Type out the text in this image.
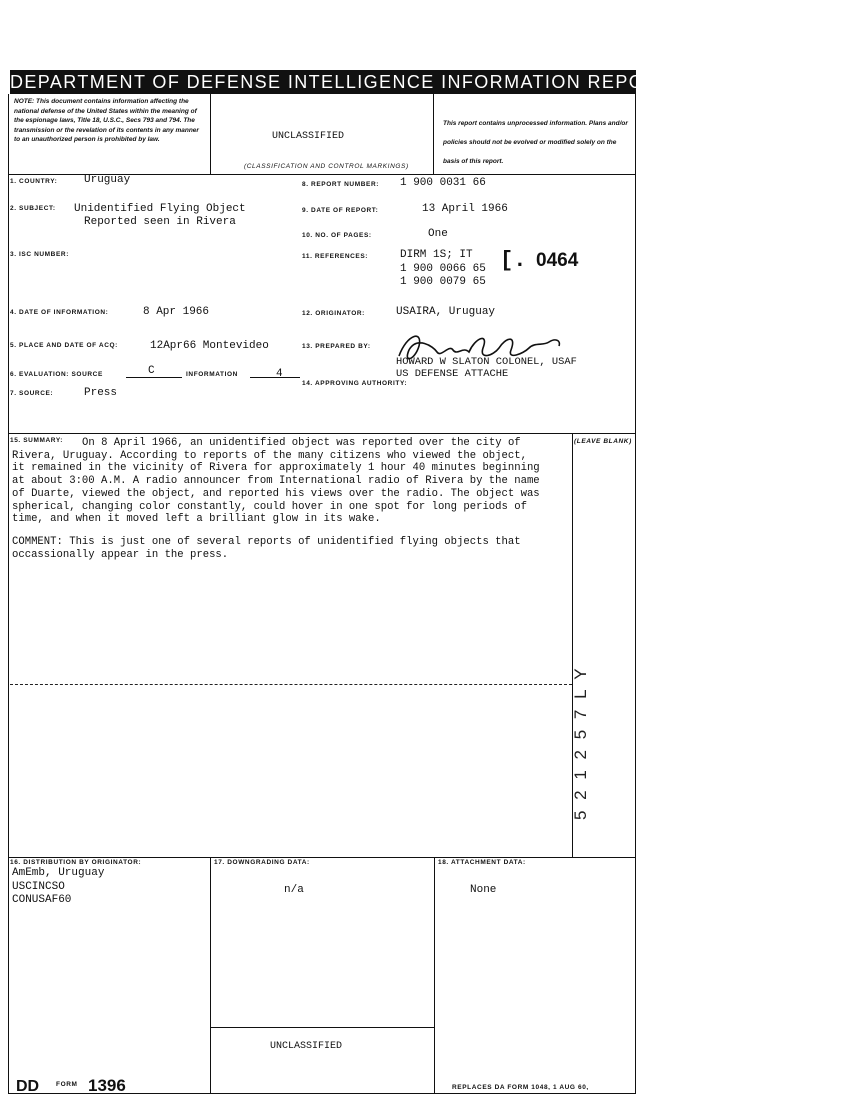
DEPARTMENT OF DEFENSE INTELLIGENCE INFORMATION REPORT
NOTE: This document contains information affecting the national defense of the United States within the meaning of the espionage laws, Title 18, U.S.C., Secs 793 and 794. The transmission or the revelation of its contents in any manner to an unauthorized person is prohibited by law.	UNCLASSIFIED
(CLASSIFICATION AND CONTROL MARKINGS)
This report contains unprocessed information. Plans and/or policies should not be evolved or modified solely on the basis of this report.
1. COUNTRY: Uruguay
2. SUBJECT: Unidentified Flying Object
Reported seen in Rivera
3. ISC NUMBER:
4. DATE OF INFORMATION:	8 Apr 1966
5. PLACE AND DATE OF ACQ:	12Apr66 Montevideo
6. EVALUATION: SOURCE	C	INFORMATION	4
7. SOURCE:	Press
8. REPORT NUMBER: 1 900 0031 66
9. DATE OF REPORT:	13 April 1966
10. NO. OF PAGES:	One
11. REFERENCES:	DIRM 1S; IT
1 900 0066 65
1 900 0079 65
[. 0464
12. ORIGINATOR:	USAIRA, Uruguay
13. PREPARED BY:
HOWARD W SLATON COLONEL, USAF
US DEFENSE ATTACHE
14. APPROVING AUTHORITY:
15. SUMMARY:	(LEAVE BLANK)

On 8 April 1966, an unidentified object was reported over the city of
Rivera, Uruguay. According to reports of the many citizens who viewed the object,
it remained in the vicinity of Rivera for approximately 1 hour 40 minutes beginning
at about 3:00 A.M. A radio announcer from International radio of Rivera by the name
of Duarte, viewed the object, and reported his views over the radio. The object was
spherical, changing color constantly, could hover in one spot for long periods of
time, and when it moved left a brilliant glow in its wake.

COMMENT: This is just one of several reports of unidentified flying objects that
occassionally appear in the press.

5 2 1 2 5 7 L Y
16. DISTRIBUTION BY ORIGINATOR:
AmEmb, Uruguay
USCINCSO
CONUSAF60
17. DOWNGRADING DATA:
n/a
18. ATTACHMENT DATA:
None
UNCLASSIFIED
DD	FORM 1396	REPLACES DA FORM 1048, 1 AUG 60,
